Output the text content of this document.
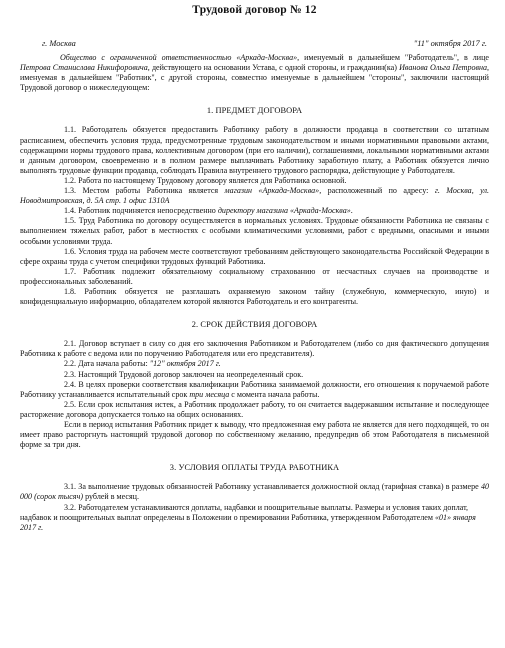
Трудовой договор № 12
г. Москва	"11" октября 2017 г.

Общество с ограниченной ответственностью «Аркада-Москва», именуемый в дальнейшем "Работодатель", в лице Петрова Станислава Никифоровича, действующего на основании Устава, с одной стороны, и гражданин(ка) Иванова Ольга Петровна, именуемая в дальнейшем "Работник", с другой стороны, совместно именуемые в дальнейшем "стороны", заключили настоящий Трудовой договор о нижеследующем:

1. ПРЕДМЕТ ДОГОВОРА

1.1. Работодатель обязуется предоставить Работнику работу в должности продавца в соответствии со штатным расписанием, обеспечить условия труда, предусмотренные трудовым законодательством и иными нормативными правовыми актами, содержащими нормы трудового права, коллективным договором (при его наличии), соглашениями, локальными нормативными актами и данным договором, своевременно и в полном размере выплачивать Работнику заработную плату, а Работник обязуется лично выполнять трудовые функции продавца, соблюдать Правила внутреннего трудового распорядка, действующие у Работодателя.

1.2. Работа по настоящему Трудовому договору является для Работника основной.

1.3. Местом работы Работника является магазин «Аркада-Москва», расположенный по адресу: г. Москва, ул. Новодмитровская, д. 5А стр. 1 офис 1310А

1.4. Работник подчиняется непосредственно директору магазина «Аркада-Москва».

1.5. Труд Работника по договору осуществляется в нормальных условиях. Трудовые обязанности Работника не связаны с выполнением тяжелых работ, работ в местностях с особыми климатическими условиями, работ с вредными, опасными и иными особыми условиями труда.

1.6. Условия труда на рабочем месте соответствуют требованиям действующего законодательства Российской Федерации в сфере охраны труда с учетом специфики трудовых функций Работника.

1.7. Работник подлежит обязательному социальному страхованию от несчастных случаев на производстве и профессиональных заболеваний.

1.8. Работник обязуется не разглашать охраняемую законом тайну (служебную, коммерческую, иную) и конфиденциальную информацию, обладателем которой являются Работодатель и его контрагенты.

2. СРОК ДЕЙСТВИЯ ДОГОВОРА

2.1. Договор вступает в силу со дня его заключения Работником и Работодателем (либо со дня фактического допущения Работника к работе с ведома или по поручению Работодателя или его представителя).

2.2. Дата начала работы: "12" октября 2017 г.

2.3. Настоящий Трудовой договор заключен на неопределенный срок.

2.4. В целях проверки соответствия квалификации Работника занимаемой должности, его отношения к поручаемой работе Работнику устанавливается испытательный срок три месяца с момента начала работы.

2.5. Если срок испытания истек, а Работник продолжает работу, то он считается выдержавшим испытание и последующее расторжение договора допускается только на общих основаниях.

Если в период испытания Работник придет к выводу, что предложенная ему работа не является для него подходящей, то он имеет право расторгнуть настоящий трудовой договор по собственному желанию, предупредив об этом Работодателя в письменной форме за три дня.

3. УСЛОВИЯ ОПЛАТЫ ТРУДА РАБОТНИКА

3.1. За выполнение трудовых обязанностей Работнику устанавливается должностной оклад (тарифная ставка) в размере 40 000 (сорок тысяч) рублей в месяц.

3.2. Работодателем устанавливаются доплаты, надбавки и поощрительные выплаты. Размеры и условия таких доплат, надбавок и поощрительных выплат определены в Положении о премировании Работника, утвержденном Работодателем «01» января 2017 г.
